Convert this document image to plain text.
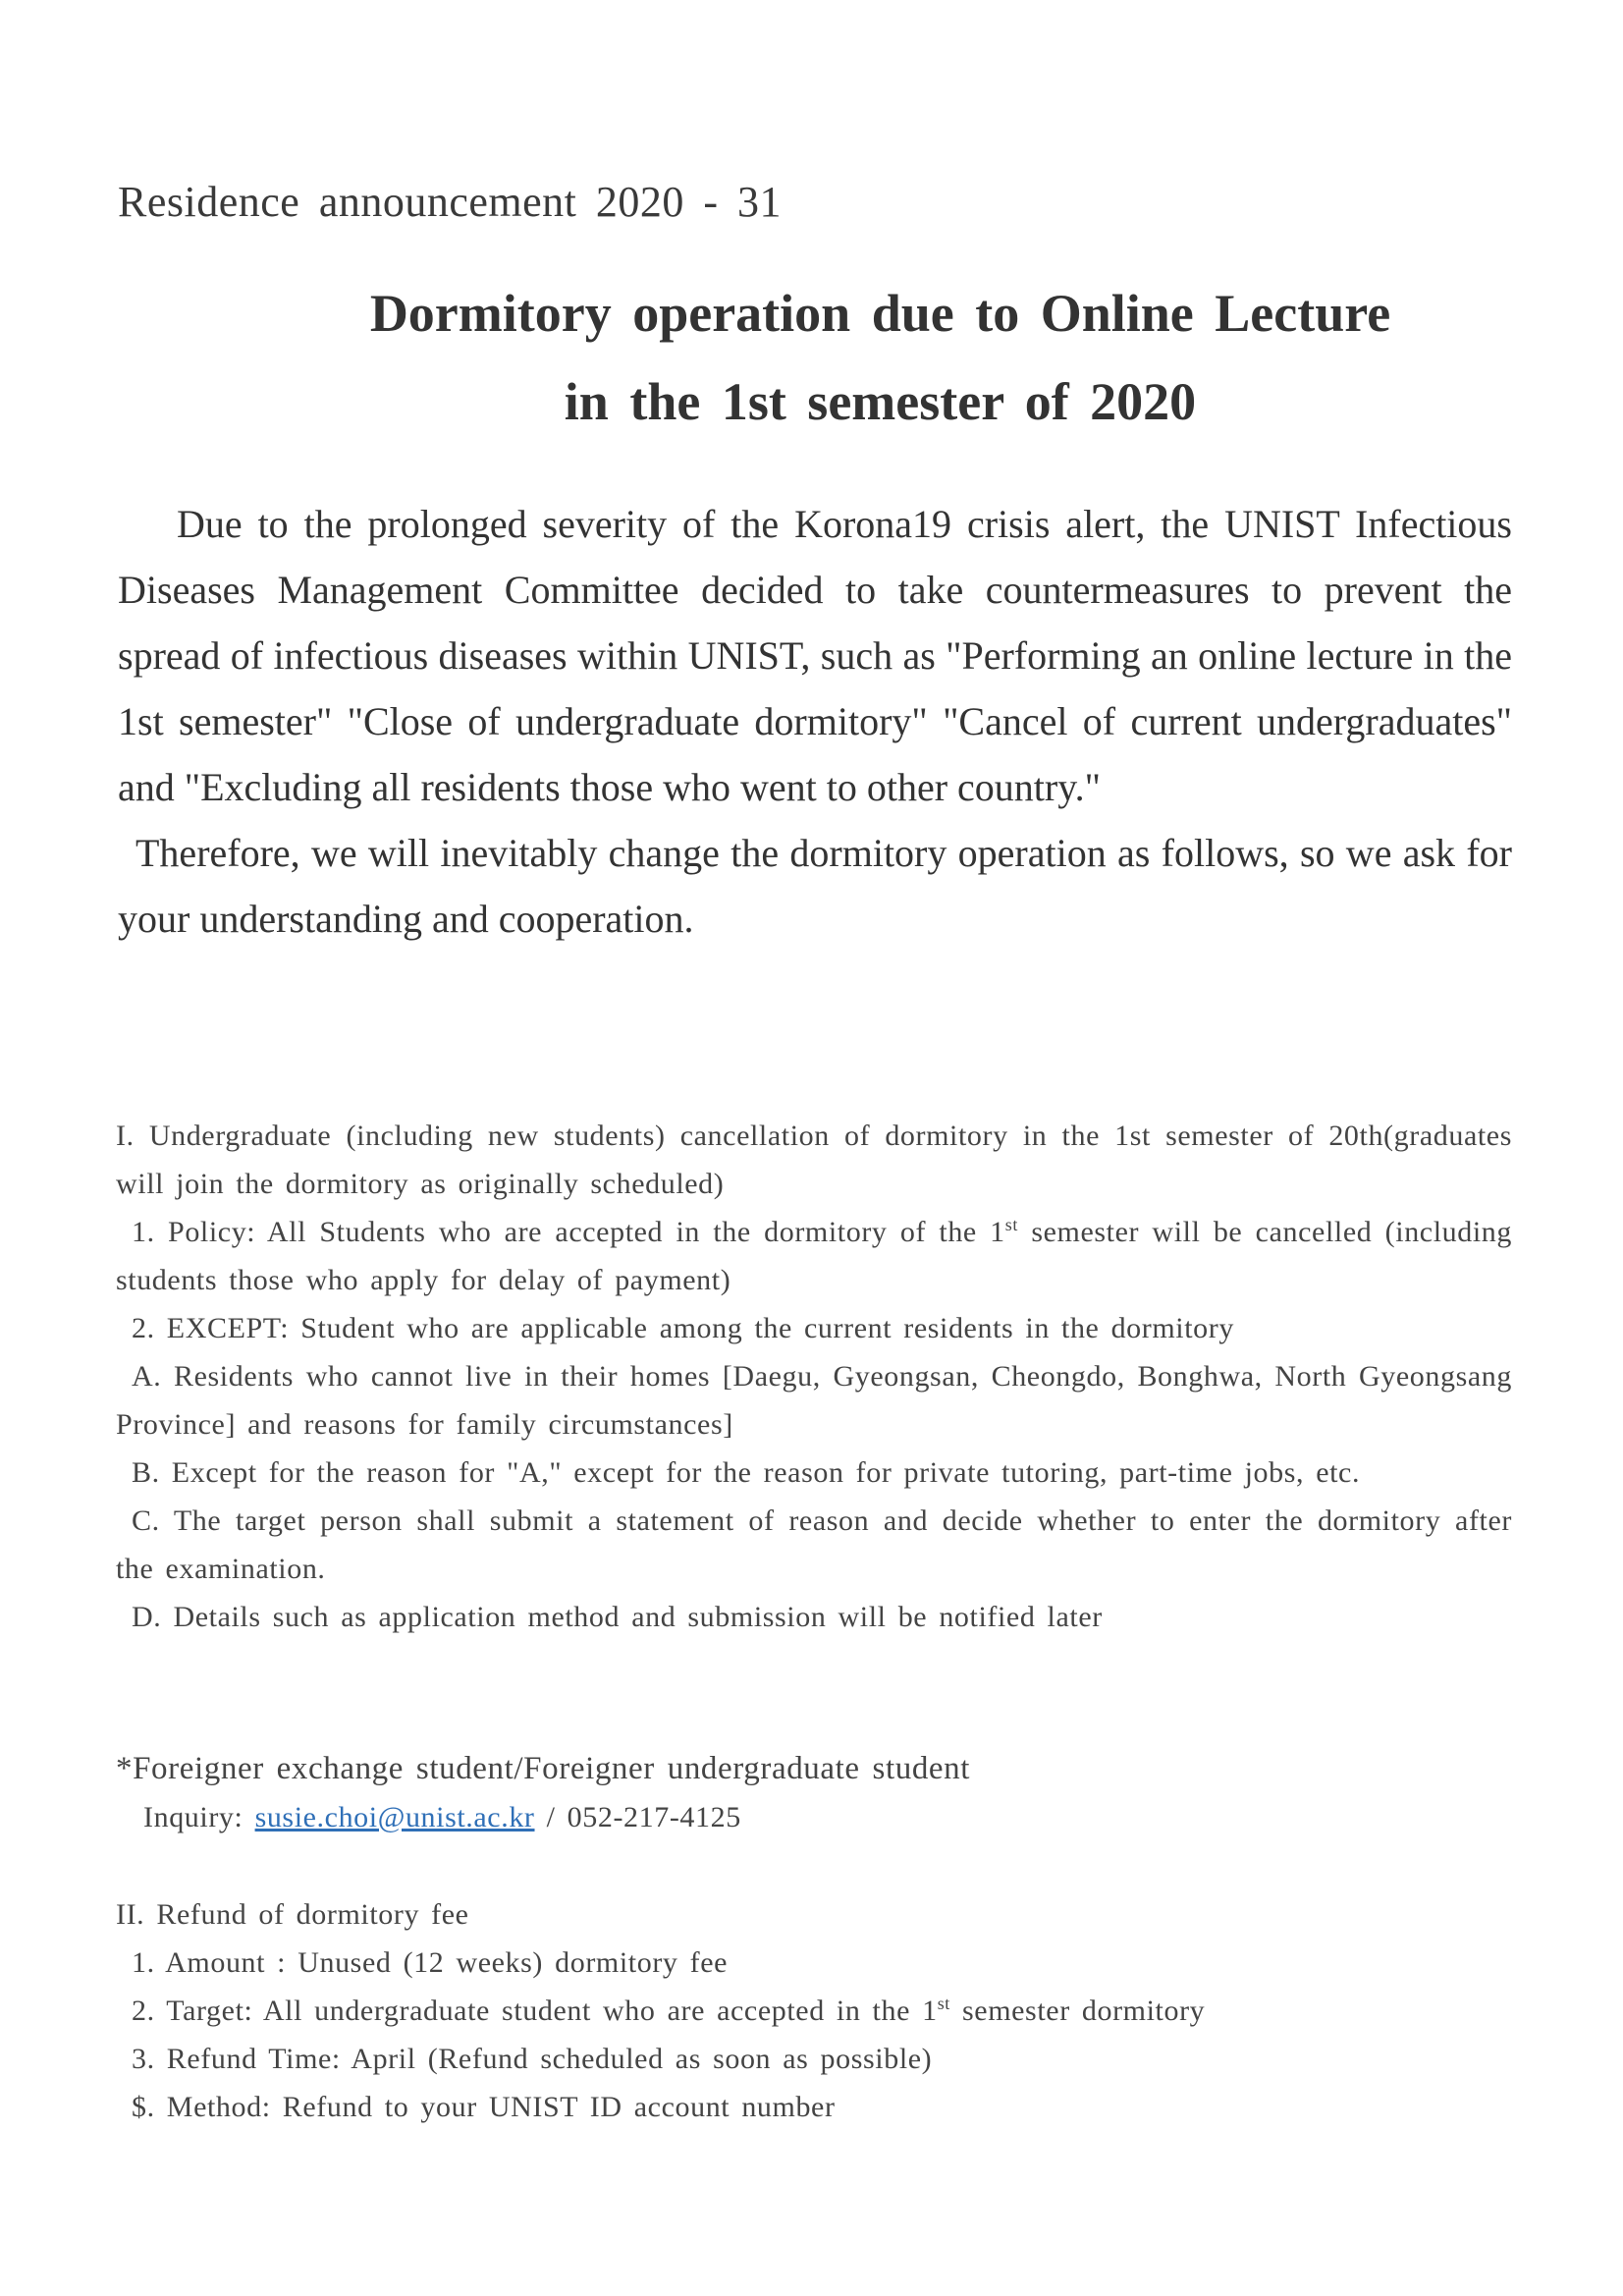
Residence announcement 2020 - 31
Dormitory operation due to Online Lecture
in the 1st semester of 2020

Due to the prolonged severity of the Korona19 crisis alert, the UNIST Infectious Diseases Management Committee decided to take countermeasures to prevent the spread of infectious diseases within UNIST, such as "Performing an online lecture in the 1st semester" "Close of undergraduate dormitory" "Cancel of current undergraduates" and "Excluding all residents those who went to other country."

Therefore, we will inevitably change the dormitory operation as follows, so we ask for your understanding and cooperation.

I. Undergraduate (including new students) cancellation of dormitory in the 1st semester of 20th(graduates will join the dormitory as originally scheduled)

1. Policy: All Students who are accepted in the dormitory of the 1st semester will be cancelled (including students those who apply for delay of payment)

2. EXCEPT: Student who are applicable among the current residents in the dormitory

A. Residents who cannot live in their homes [Daegu, Gyeongsan, Cheongdo, Bonghwa, North Gyeongsang Province] and reasons for family circumstances]

B. Except for the reason for "A," except for the reason for private tutoring, part-time jobs, etc.

C. The target person shall submit a statement of reason and decide whether to enter the dormitory after the examination.

D. Details such as application method and submission will be notified later

*Foreigner exchange student/Foreigner undergraduate student

Inquiry: susie.choi@unist.ac.kr / 052-217-4125

II. Refund of dormitory fee

1. Amount : Unused (12 weeks) dormitory fee

2. Target: All undergraduate student who are accepted in the 1st semester dormitory

3. Refund Time: April (Refund scheduled as soon as possible)

$. Method: Refund to your UNIST ID account number
